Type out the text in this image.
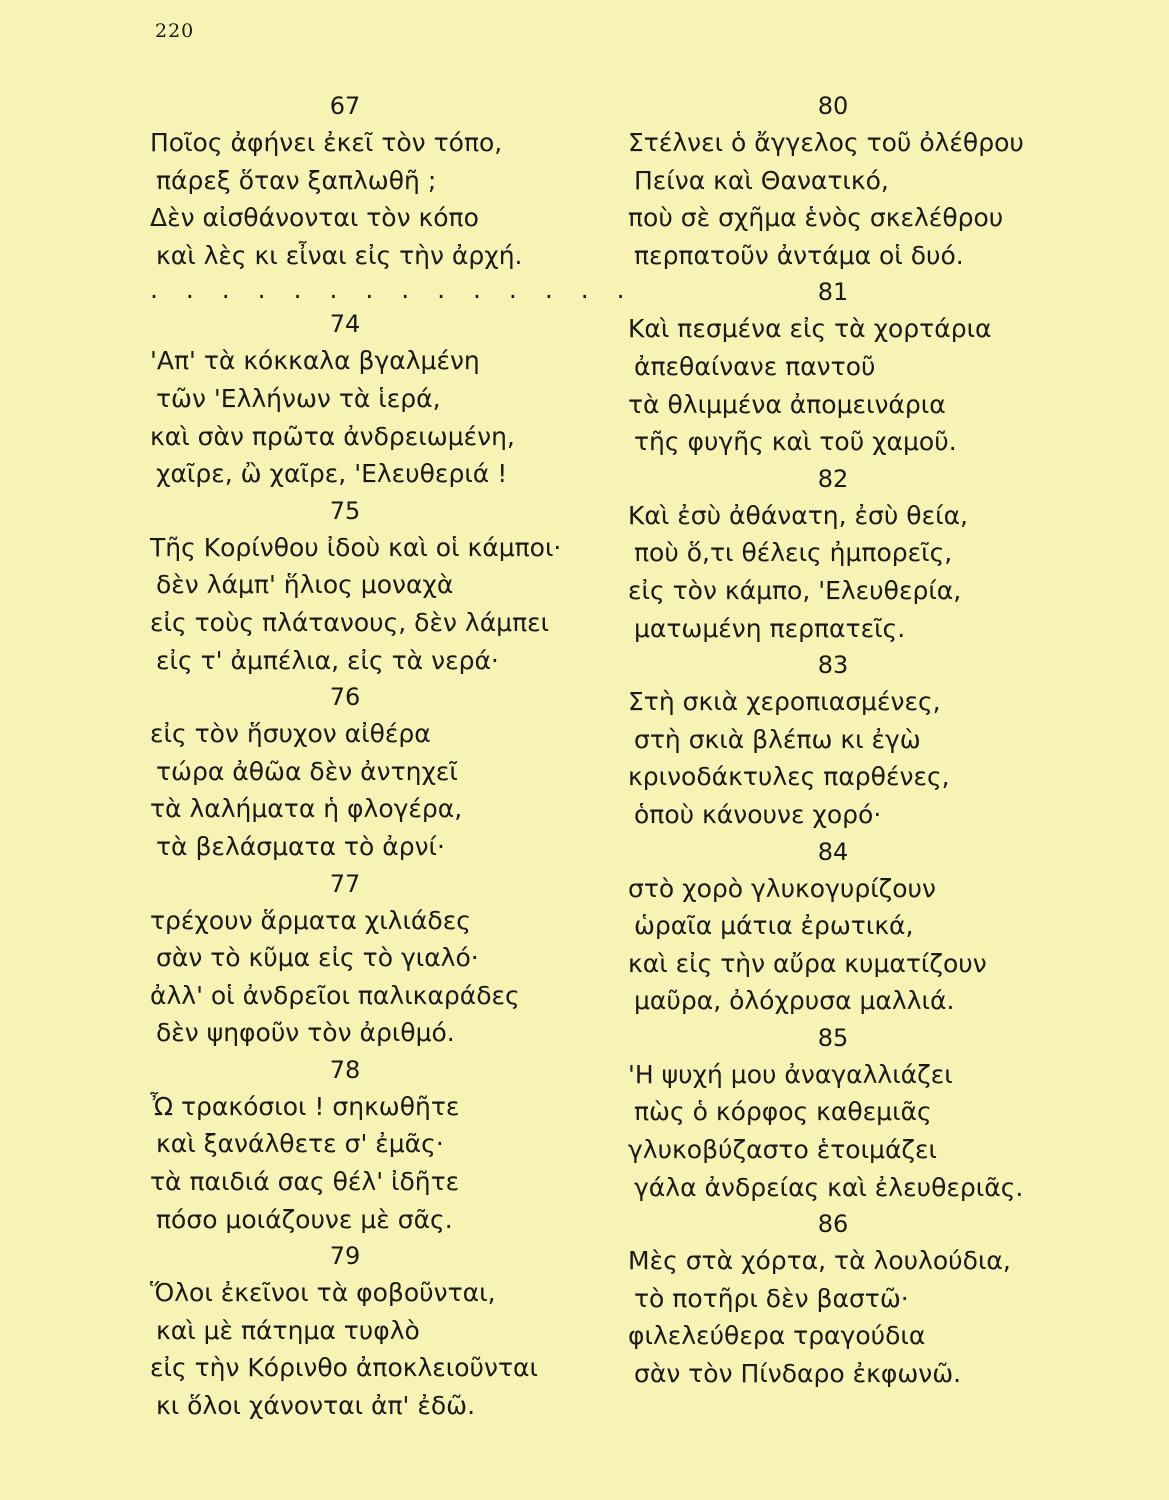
220
67
Ποῖος ἀφήνει ἐκεῖ τὸν τόπο,
πάρεξ ὅταν ξαπλωθῆ ;
Δὲν αἰσθάνονται τὸν κόπο
καὶ λὲς κι εἶναι εἰς τὴν ἀρχή.
. . . . . . . . . . . . . .
74
'Απ' τὰ κόκκαλα βγαλμένη
τῶν 'Ελλήνων τὰ ἱερά,
καὶ σὰν πρῶτα ἀνδρειωμένη,
χαῖρε, ὢ χαῖρε, 'Ελευθεριά !
75
Τῆς Κορίνθου ἰδοὺ καὶ οἱ κάμποι·
δὲν λάμπ' ἥλιος μοναχὰ
εἰς τοὺς πλάτανους, δὲν λάμπει
εἰς τ' ἀμπέλια, εἰς τὰ νερά·
76
εἰς τὸν ἥσυχον αἰθέρα
τώρα ἀθῶα δὲν ἀντηχεῖ
τὰ λαλήματα ἡ φλογέρα,
τὰ βελάσματα τὸ ἀρνί·
77
τρέχουν ἅρματα χιλιάδες
σὰν τὸ κῦμα εἰς τὸ γιαλό·
ἀλλ' οἱ ἀνδρεῖοι παλικαράδες
δὲν ψηφοῦν τὸν ἀριθμό.
78
Ὦ τρακόσιοι ! σηκωθῆτε
καὶ ξανάλθετε σ' ἐμᾶς·
τὰ παιδιά σας θέλ' ἰδῆτε
πόσο μοιάζουνε μὲ σᾶς.
79
Ὅλοι ἐκεῖνοι τὰ φοβοῦνται,
καὶ μὲ πάτημα τυφλὸ
εἰς τὴν Κόρινθο ἀποκλειοῦνται
κι ὅλοι χάνονται ἀπ' ἐδῶ.
80
Στέλνει ὁ ἄγγελος τοῦ ὀλέθρου
Πείνα καὶ Θανατικό,
ποὺ σὲ σχῆμα ἑνὸς σκελέθρου
περπατοῦν ἀντάμα οἱ δυό.
81
Καὶ πεσμένα εἰς τὰ χορτάρια
ἀπεθαίνανε παντοῦ
τὰ θλιμμένα ἀπομεινάρια
τῆς φυγῆς καὶ τοῦ χαμοῦ.
82
Καὶ ἐσὺ ἀθάνατη, ἐσὺ θεία,
ποὺ ὅ,τι θέλεις ἠμπορεῖς,
εἰς τὸν κάμπο, 'Ελευθερία,
ματωμένη περπατεῖς.
83
Στὴ σκιὰ χεροπιασμένες,
στὴ σκιὰ βλέπω κι ἐγὼ
κρινοδάκτυλες παρθένες,
ὁποὺ κάνουνε χορό·
84
στὸ χορὸ γλυκογυρίζουν
ὡραῖα μάτια ἐρωτικά,
καὶ εἰς τὴν αὔρα κυματίζουν
μαῦρα, ὀλόχρυσα μαλλιά.
85
'Η ψυχή μου ἀναγαλλιάζει
πὼς ὁ κόρφος καθεμιᾶς
γλυκοβύζαστο ἑτοιμάζει
γάλα ἀνδρείας καὶ ἐλευθεριᾶς.
86
Μὲς στὰ χόρτα, τὰ λουλούδια,
τὸ ποτῆρι δὲν βαστῶ·
φιλελεύθερα τραγούδια
σὰν τὸν Πίνδαρο ἐκφωνῶ.
